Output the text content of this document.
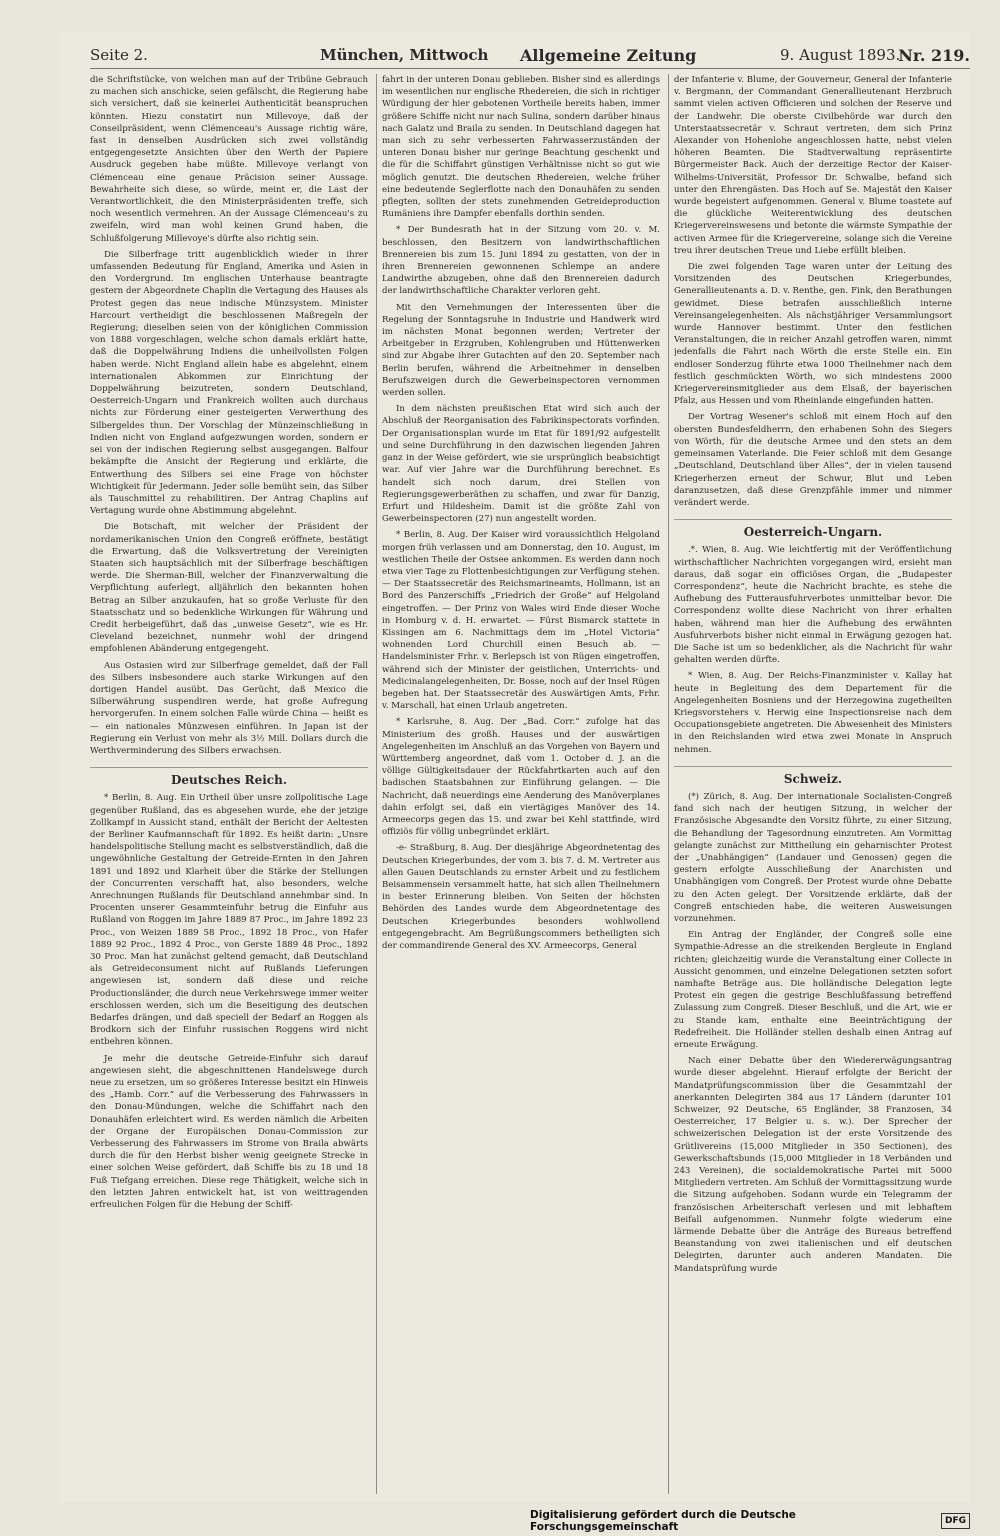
Seite 2.	München, Mittwoch Allgemeine Zeitung	9. August 1893.
Nr. 219.

die Schriftstücke, von welchen man auf der Tribüne Gebrauch zu machen sich anschicke, seien gefälscht, die Regierung habe sich versichert, daß sie keinerlei Authenticität beanspruchen könnten. Hiezu constatirt nun Millevoye, daß der Conseilpräsident, wenn Clémenceau's Aussage richtig wäre, fast in denselben Ausdrücken sich zwei vollständig entgegengesetzte Ansichten über den Werth der Papiere Ausdruck gegeben habe müßte. Millevoye verlangt von Clémenceau eine genaue Präcision seiner Aussage. Bewahrheite sich diese, so würde, meint er, die Last der Verantwortlichkeit, die den Ministerpräsidenten treffe, sich noch wesentlich vermehren. An der Aussage Clémenceau's zu zweifeln, wird man wohl keinen Grund haben, die Schlußfolgerung Millevoye's dürfte also richtig sein.

Die Silberfrage tritt augenblicklich wieder in ihrer umfassenden Bedeutung für England, Amerika und Asien in den Vordergrund. Im englischen Unterhause beantragte gestern der Abgeordnete Chaplin die Vertagung des Hauses als Protest gegen das neue indische Münzsystem. Minister Harcourt vertheidigt die beschlossenen Maßregeln der Regierung; dieselben seien von der königlichen Commission von 1888 vorgeschlagen, welche schon damals erklärt hatte, daß die Doppelwährung Indiens die unheilvollsten Folgen haben werde. Nicht England allein habe es abgelehnt, einem internationalen Abkommen zur Einrichtung der Doppelwährung beizutreten, sondern Deutschland, Oesterreich-Ungarn und Frankreich wollten auch durchaus nichts zur Förderung einer gesteigerten Verwerthung des Silbergeldes thun. Der Vorschlag der Münzeinschließung in Indien nicht von England aufgezwungen worden, sondern er sei von der indischen Regierung selbst ausgegangen. Balfour bekämpfte die Ansicht der Regierung und erklärte, die Entwerthung des Silbers sei eine Frage von höchster Wichtigkeit für Jedermann. Jeder solle bemüht sein, das Silber als Tauschmittel zu rehabilitiren. Der Antrag Chaplins auf Vertagung wurde ohne Abstimmung abgelehnt.

Die Botschaft, mit welcher der Präsident der nordamerikanischen Union den Congreß eröffnete, bestätigt die Erwartung, daß die Volksvertretung der Vereinigten Staaten sich hauptsächlich mit der Silberfrage beschäftigen werde. Die Sherman-Bill, welcher der Finanzverwaltung die Verpflichtung auferlegt, alljährlich den bekannten hohen Betrag an Silber anzukaufen, hat so große Verluste für den Staatsschatz und so bedenkliche Wirkungen für Währung und Credit herbeigeführt, daß das „unweise Gesetz“, wie es Hr. Cleveland bezeichnet, nunmehr wohl der dringend empfohlenen Abänderung entgegengeht.

Aus Ostasien wird zur Silberfrage gemeldet, daß der Fall des Silbers insbesondere auch starke Wirkungen auf den dortigen Handel ausübt. Das Gerücht, daß Mexico die Silberwährung suspendiren werde, hat große Aufregung hervorgerufen. In einem solchen Falle würde China — heißt es — ein nationales Münzwesen einführen. In Japan ist der Regierung ein Verlust von mehr als 3½ Mill. Dollars durch die Werthverminderung des Silbers erwachsen.

Deutsches Reich.

* Berlin, 8. Aug. Ein Urtheil über unsre zollpolitische Lage gegenüber Rußland, das es abgesehen wurde, ehe der jetzige Zollkampf in Aussicht stand, enthält der Bericht der Aeltesten der Berliner Kaufmannschaft für 1892. Es heißt darin: „Unsre handelspolitische Stellung macht es selbstverständlich, daß die ungewöhnliche Gestaltung der Getreide-Ernten in den Jahren 1891 und 1892 und Klarheit über die Stärke der Stellungen der Concurrenten verschafft hat, also besonders, welche Anrechnungen Rußlands für Deutschland annehmbar sind. In Procenten unserer Gesammteinfuhr betrug die Einfuhr aus Rußland von Roggen im Jahre 1889 87 Proc., im Jahre 1892 23 Proc., von Weizen 1889 58 Proc., 1892 18 Proc., von Hafer 1889 92 Proc., 1892 4 Proc., von Gerste 1889 48 Proc., 1892 30 Proc. Man hat zunächst geltend gemacht, daß Deutschland als Getreideconsument nicht auf Rußlands Lieferungen angewiesen ist, sondern daß diese und reiche Productionsländer, die durch neue Verkehrswege immer weiter erschlossen werden, sich um die Beseitigung des deutschen Bedarfes drängen, und daß speciell der Bedarf an Roggen als Brodkorn sich der Einfuhr russischen Roggens wird nicht entbehren können.

Je mehr die deutsche Getreide-Einfuhr sich darauf angewiesen sieht, die abgeschnittenen Handelswege durch neue zu ersetzen, um so größeres Interesse besitzt ein Hinweis des „Hamb. Corr.“ auf die Verbesserung des Fahrwassers in den Donau-Mündungen, welche die Schiffahrt nach den Donauhäfen erleichtert wird. Es werden nämlich die Arbeiten der Organe der Europäischen Donau-Commission zur Verbesserung des Fahrwassers im Strome von Braila abwärts durch die für den Herbst bisher wenig geeignete Strecke in einer solchen Weise gefördert, daß Schiffe bis zu 18 und 18 Fuß Tiefgang erreichen. Diese rege Thätigkeit, welche sich in den letzten Jahren entwickelt hat, ist von weittragenden erfreulichen Folgen für die Hebung der Schiff-

fahrt in der unteren Donau geblieben. Bisher sind es allerdings im wesentlichen nur englische Rhedereien, die sich in richtiger Würdigung der hier gebotenen Vortheile bereits haben, immer größere Schiffe nicht nur nach Sulina, sondern darüber hinaus nach Galatz und Braila zu senden. In Deutschland dagegen hat man sich zu sehr verbesserten Fahrwasserzuständen der unteren Donau bisher nur geringe Beachtung geschenkt und die für die Schiffahrt günstigen Verhältnisse nicht so gut wie möglich genutzt. Die deutschen Rhedereien, welche früher eine bedeutende Seglerflotte nach den Donauhäfen zu senden pflegten, sollten der stets zunehmenden Getreideproduction Rumäniens ihre Dampfer ebenfalls dorthin senden.

* Der Bundesrath hat in der Sitzung vom 20. v. M. beschlossen, den Besitzern von landwirthschaftlichen Brennereien bis zum 15. Juni 1894 zu gestatten, von der in ihren Brennereien gewonnenen Schlempe an andere Landwirthe abzugeben, ohne daß den Brennereien dadurch der landwirthschaftliche Charakter verloren geht.

Mit den Vernehmungen der Interessenten über die Regelung der Sonntagsruhe in Industrie und Handwerk wird im nächsten Monat begonnen werden; Vertreter der Arbeitgeber in Erzgruben, Kohlengruben und Hüttenwerken sind zur Abgabe ihrer Gutachten auf den 20. September nach Berlin berufen, während die Arbeitnehmer in denselben Berufszweigen durch die Gewerbeinspectoren vernommen werden sollen.

In dem nächsten preußischen Etat wird sich auch der Abschluß der Reorganisation des Fabrikinspectorats vorfinden. Der Organisationsplan wurde im Etat für 1891/92 aufgestellt und seine Durchführung in den dazwischen liegenden Jahren ganz in der Weise gefördert, wie sie ursprünglich beabsichtigt war. Auf vier Jahre war die Durchführung berechnet. Es handelt sich noch darum, drei Stellen von Regierungsgewerberäthen zu schaffen, und zwar für Danzig, Erfurt und Hildesheim. Damit ist die größte Zahl von Gewerbeinspectoren (27) nun angestellt worden.

* Berlin, 8. Aug. Der Kaiser wird voraussichtlich Helgoland morgen früh verlassen und am Donnerstag, den 10. August, im westlichen Theile der Ostsee ankommen. Es werden dann noch etwa vier Tage zu Flottenbesichtigungen zur Verfügung stehen. — Der Staatssecretär des Reichsmarineamts, Hollmann, ist an Bord des Panzerschiffs „Friedrich der Große“ auf Helgoland eingetroffen. — Der Prinz von Wales wird Ende dieser Woche in Homburg v. d. H. erwartet. — Fürst Bismarck stattete in Kissingen am 6. Nachmittags dem im „Hotel Victoria“ wohnenden Lord Churchill einen Besuch ab. — Handelsminister Frhr. v. Berlepsch ist von Rügen eingetroffen, während sich der Minister der geistlichen, Unterrichts- und Medicinalangelegenheiten, Dr. Bosse, noch auf der Insel Rügen begeben hat. Der Staatssecretär des Auswärtigen Amts, Frhr. v. Marschall, hat einen Urlaub angetreten.

* Karlsruhe, 8. Aug. Der „Bad. Corr.“ zufolge hat das Ministerium des großh. Hauses und der auswärtigen Angelegenheiten im Anschluß an das Vorgehen von Bayern und Württemberg angeordnet, daß vom 1. October d. J. an die völlige Gültigkeitsdauer der Rückfahrtkarten auch auf den badischen Staatsbahnen zur Einführung gelangen. — Die Nachricht, daß neuerdings eine Aenderung des Manöverplanes dahin erfolgt sei, daß ein viertägiges Manöver des 14. Armeecorps gegen das 15. und zwar bei Kehl stattfinde, wird offiziös für völlig unbegründet erklärt.

-e- Straßburg, 8. Aug. Der diesjährige Abgeordnetentag des Deutschen Kriegerbundes, der vom 3. bis 7. d. M. Vertreter aus allen Gauen Deutschlands zu ernster Arbeit und zu festlichem Beisammensein versammelt hatte, hat sich allen Theilnehmern in bester Erinnerung bleiben. Von Seiten der höchsten Behörden des Landes wurde dem Abgeordnetentage des Deutschen Kriegerbundes besonders wohlwollend entgegengebracht. Am Begrüßungscommers betheiligten sich der commandirende General des XV. Armeecorps, General

der Infanterie v. Blume, der Gouverneur, General der Infanterie v. Bergmann, der Commandant Generallieutenant Herzbruch sammt vielen activen Officieren und solchen der Reserve und der Landwehr. Die oberste Civilbehörde war durch den Unterstaatssecretär v. Schraut vertreten, dem sich Prinz Alexander von Hohenlohe angeschlossen hatte, nebst vielen höheren Beamten. Die Stadtverwaltung repräsentirte Bürgermeister Back. Auch der derzeitige Rector der Kaiser-Wilhelms-Universität, Professor Dr. Schwalbe, befand sich unter den Ehrengästen. Das Hoch auf Se. Majestät den Kaiser wurde begeistert aufgenommen. General v. Blume toastete auf die glückliche Weiterentwicklung des deutschen Kriegervereinswesens und betonte die wärmste Sympathie der activen Armee für die Kriegervereine, solange sich die Vereine treu ihrer deutschen Treue und Liebe erfüllt bleiben.

Die zwei folgenden Tage waren unter der Leitung des Vorsitzenden des Deutschen Kriegerbundes, Generallieutenants a. D. v. Renthe, gen. Fink, den Berathungen gewidmet. Diese betrafen ausschließlich interne Vereinsangelegenheiten. Als nächstjähriger Versammlungsort wurde Hannover bestimmt. Unter den festlichen Veranstaltungen, die in reicher Anzahl getroffen waren, nimmt jedenfalls die Fahrt nach Wörth die erste Stelle ein. Ein endloser Sonderzug führte etwa 1000 Theilnehmer nach dem festlich geschmückten Wörth, wo sich mindestens 2000 Kriegervereinsmitglieder aus dem Elsaß, der bayerischen Pfalz, aus Hessen und vom Rheinlande eingefunden hatten.

Der Vortrag Wesener's schloß mit einem Hoch auf den obersten Bundesfeldherrn, den erhabenen Sohn des Siegers von Wörth, für die deutsche Armee und den stets an dem gemeinsamen Vaterlande. Die Feier schloß mit dem Gesange „Deutschland, Deutschland über Alles“, der in vielen tausend Kriegerherzen erneut der Schwur, Blut und Leben daranzusetzen, daß diese Grenzpfähle immer und nimmer verändert werde.

Oesterreich-Ungarn.

.*. Wien, 8. Aug. Wie leichtfertig mit der Veröffentlichung wirthschaftlicher Nachrichten vorgegangen wird, ersieht man daraus, daß sogar ein officiöses Organ, die „Budapester Correspondenz“, heute die Nachricht brachte, es stehe die Aufhebung des Futterausfuhrverbotes unmittelbar bevor. Die Correspondenz wollte diese Nachricht von ihrer erhalten haben, während man hier die Aufhebung des erwähnten Ausfuhrverbots bisher nicht einmal in Erwägung gezogen hat. Die Sache ist um so bedenklicher, als die Nachricht für wahr gehalten werden dürfte.

* Wien, 8. Aug. Der Reichs-Finanzminister v. Kallay hat heute in Begleitung des dem Departement für die Angelegenheiten Bosniens und der Herzegowina zugetheilten Kriegsvorstehers v. Herwig eine Inspectionsreise nach dem Occupationsgebiete angetreten. Die Abwesenheit des Ministers in den Reichslanden wird etwa zwei Monate in Anspruch nehmen.

Schweiz.

(*) Zürich, 8. Aug. Der internationale Socialisten-Congreß fand sich nach der heutigen Sitzung, in welcher der Französische Abgesandte den Vorsitz führte, zu einer Sitzung, die Behandlung der Tagesordnung einzutreten. Am Vormittag gelangte zunächst zur Mittheilung ein geharnischter Protest der „Unabhängigen“ (Landauer und Genossen) gegen die gestern erfolgte Ausschließung der Anarchisten und Unabhängigen vom Congreß. Der Protest wurde ohne Debatte zu den Acten gelegt. Der Vorsitzende erklärte, daß der Congreß entschieden habe, die weiteren Ausweisungen vorzunehmen.

Ein Antrag der Engländer, der Congreß solle eine Sympathie-Adresse an die streikenden Bergleute in England richten; gleichzeitig wurde die Veranstaltung einer Collecte in Aussicht genommen, und einzelne Delegationen setzten sofort namhafte Beträge aus. Die holländische Delegation legte Protest ein gegen die gestrige Beschlußfassung betreffend Zulassung zum Congreß. Dieser Beschluß, und die Art, wie er zu Stande kam, enthalte eine Beeinträchtigung der Redefreiheit. Die Holländer stellen deshalb einen Antrag auf erneute Erwägung.

Nach einer Debatte über den Wiedererwägungsantrag wurde dieser abgelehnt. Hierauf erfolgte der Bericht der Mandatprüfungscommission über die Gesammtzahl der anerkannten Delegirten 384 aus 17 Ländern (darunter 101 Schweizer, 92 Deutsche, 65 Engländer, 38 Franzosen, 34 Oesterreicher, 17 Belgier u. s. w.). Der Sprecher der schweizerischen Delegation ist der erste Vorsitzende des Grütlivereins (15,000 Mitglieder in 350 Sectionen), des Gewerkschaftsbunds (15,000 Mitglieder in 18 Verbänden und 243 Vereinen), die socialdemokratische Partei mit 5000 Mitgliedern vertreten. Am Schluß der Vormittagssitzung wurde die Sitzung aufgehoben. Sodann wurde ein Telegramm der französischen Arbeiterschaft verlesen und mit lebhaftem Beifall aufgenommen. Nunmehr folgte wiederum eine lärmende Debatte über die Anträge des Bureaus betreffend Beanstandung von zwei italienischen und elf deutschen Delegirten, darunter auch anderen Mandaten. Die Mandatsprüfung wurde

Digitalisierung gefördert durch die Deutsche Forschungsgemeinschaft	DFG
